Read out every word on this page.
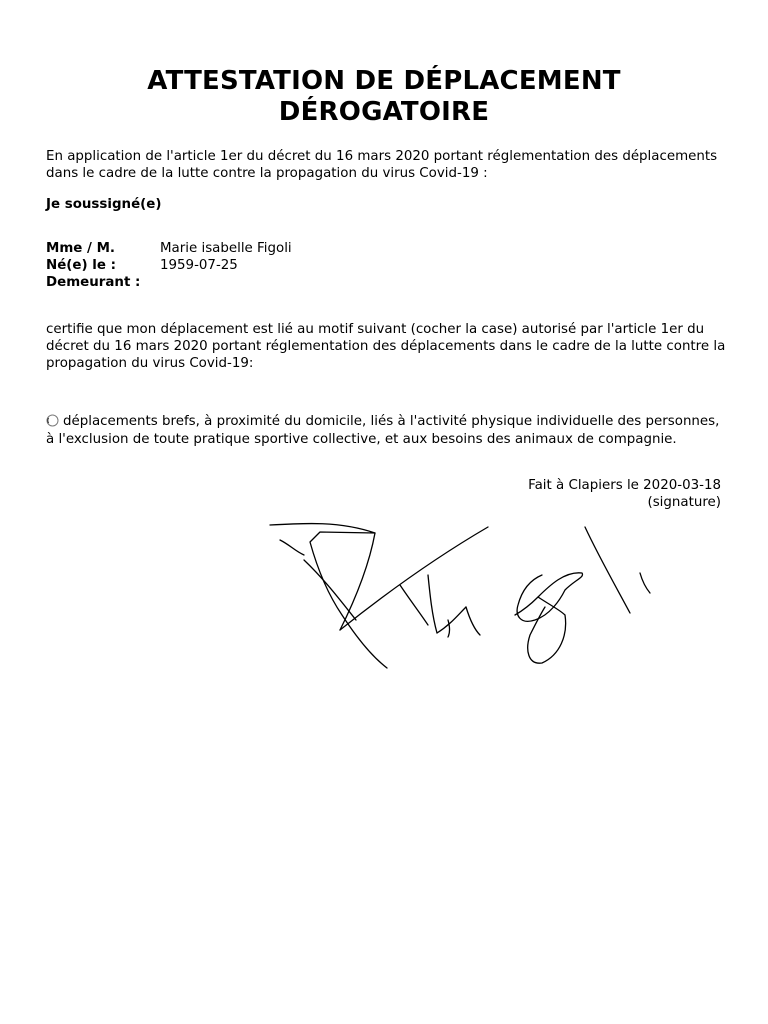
ATTESTATION DE DÉPLACEMENT
DÉROGATOIRE

En application de l'article 1er du décret du 16 mars 2020 portant réglementation des déplacements dans le cadre de la lutte contre la propagation du virus Covid-19 :

Je soussigné(e)

Mme / M.	Marie isabelle Figoli
Né(e) le :	1959-07-25
Demeurant :

certifie que mon déplacement est lié au motif suivant (cocher la case) autorisé par l'article 1er du décret du 16 mars 2020 portant réglementation des déplacements dans le cadre de la lutte contre la propagation du virus Covid-19:

déplacements brefs, à proximité du domicile, liés à l'activité physique individuelle des personnes, à l'exclusion de toute pratique sportive collective, et aux besoins des animaux de compagnie.

Fait à Clapiers le 2020-03-18
(signature)
